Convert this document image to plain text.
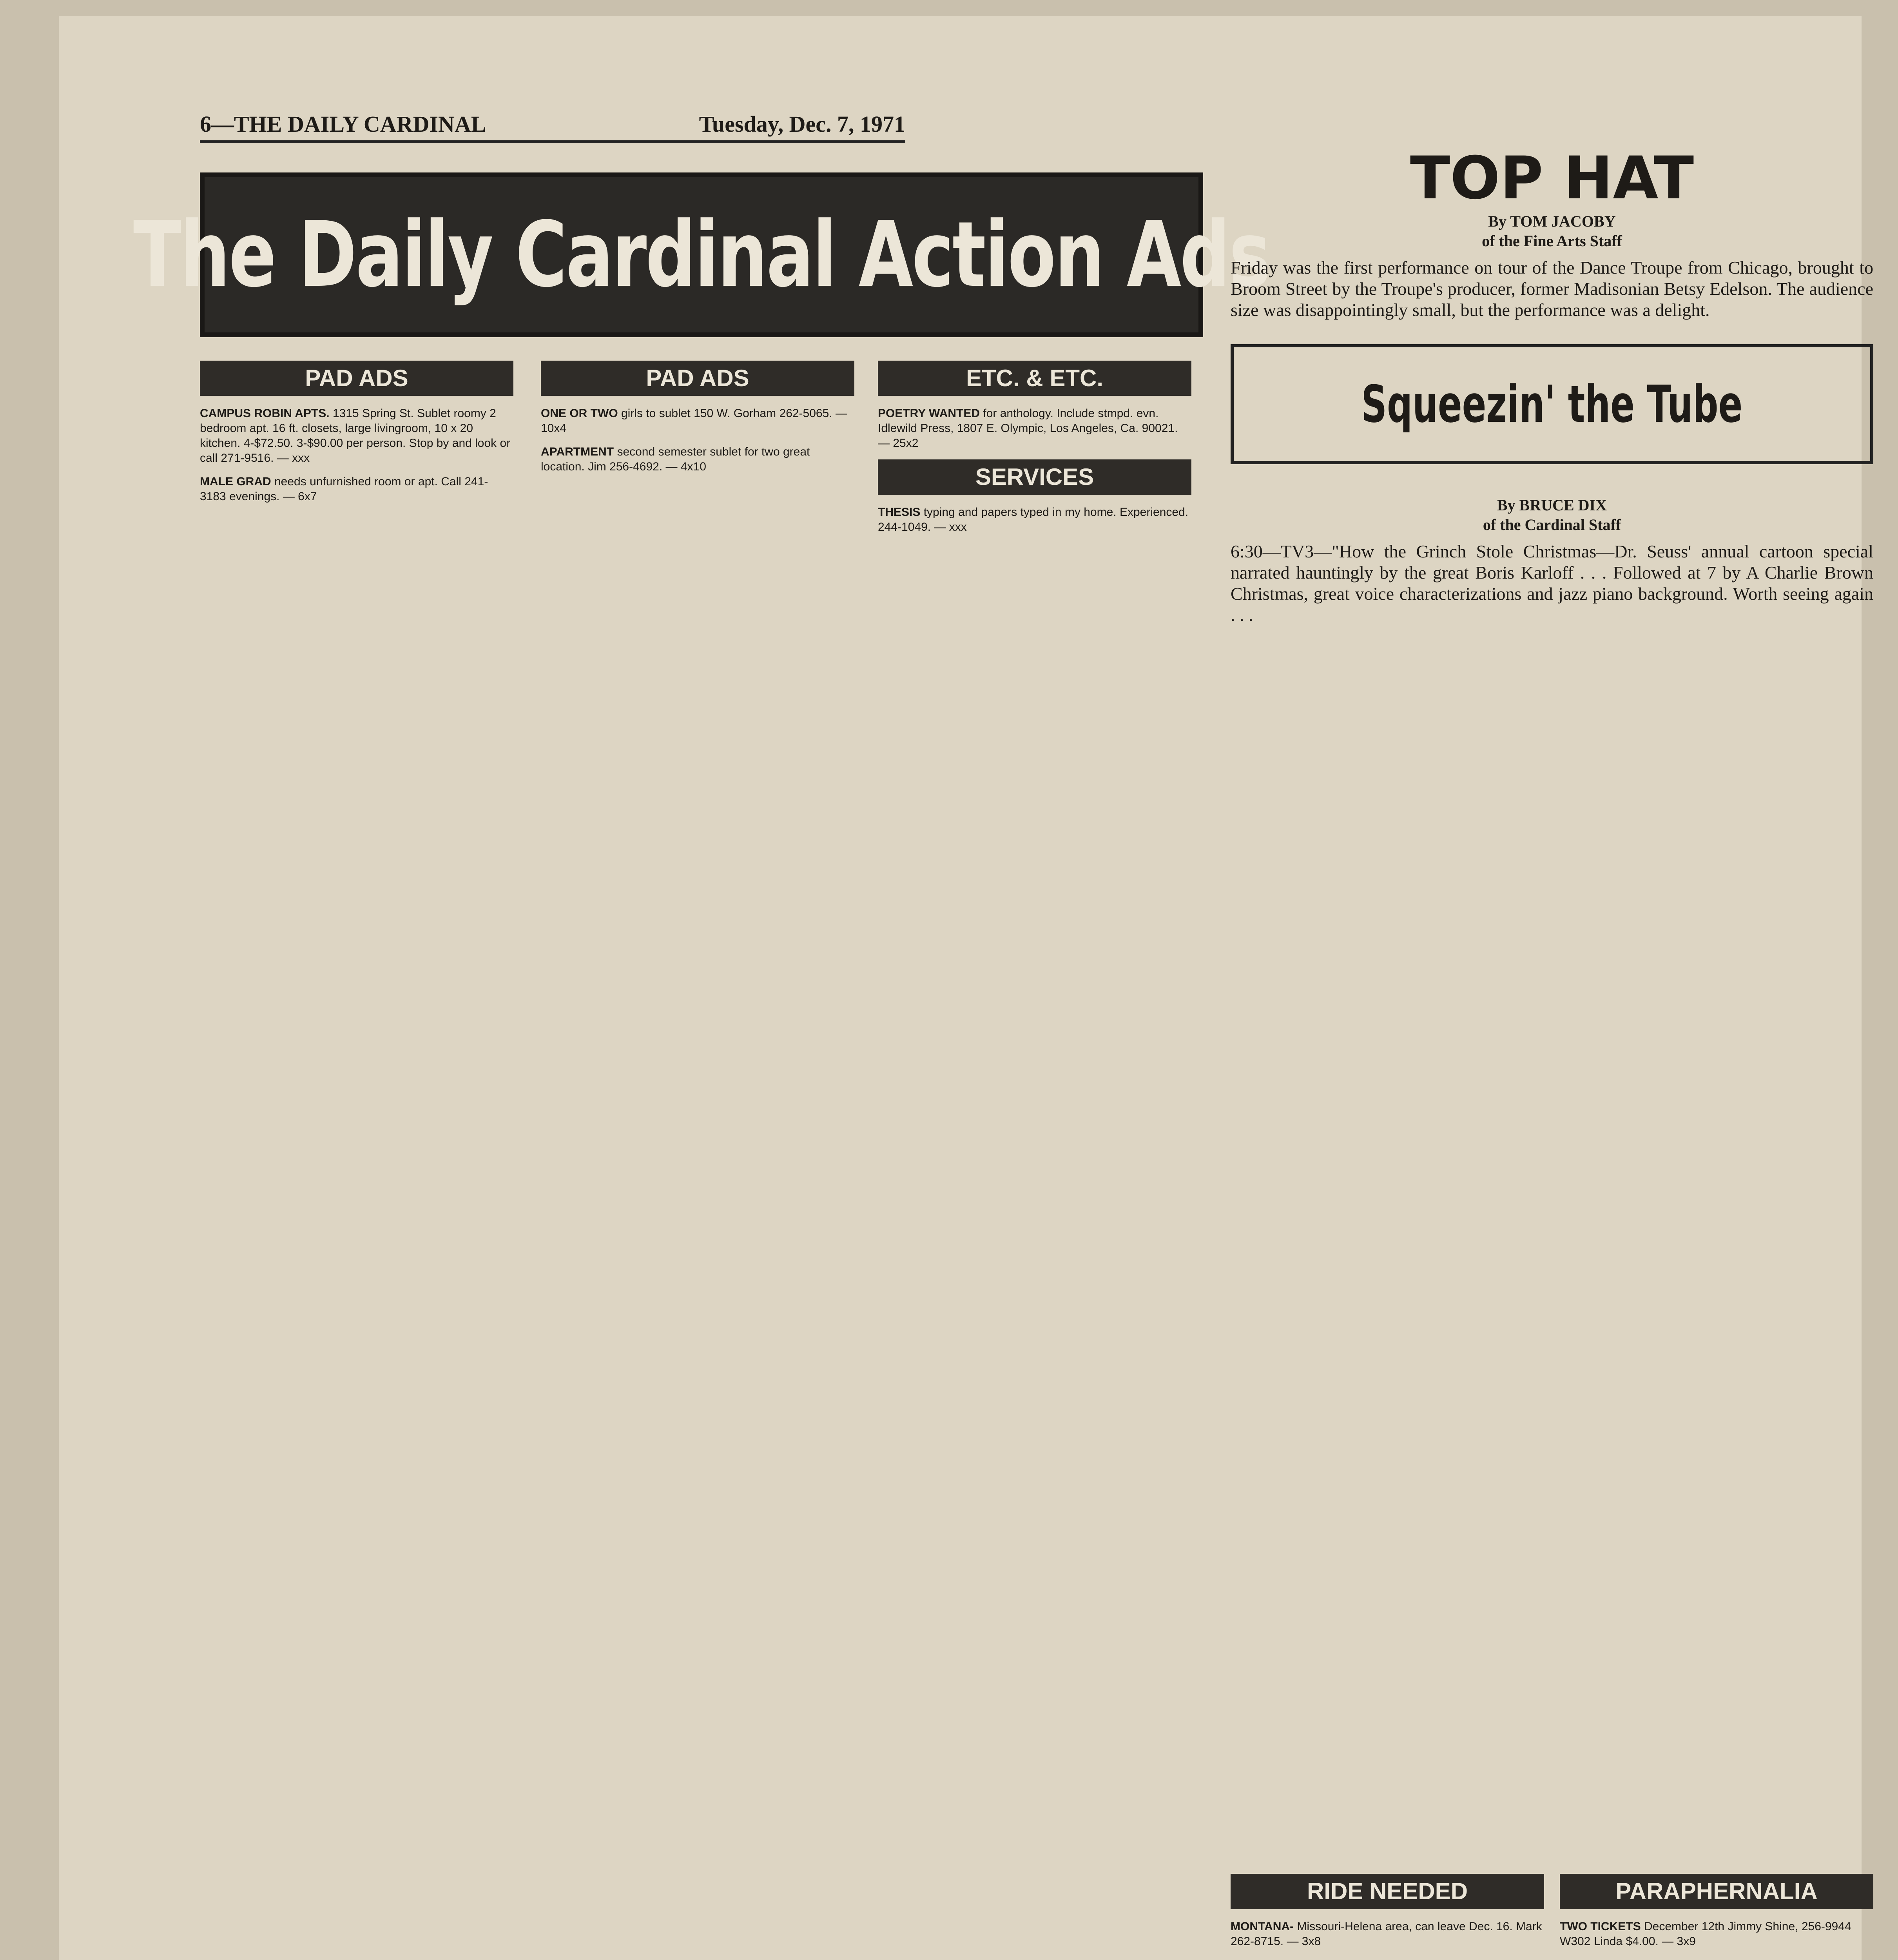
6—THE DAILY CARDINAL	Tuesday, Dec. 7, 1971
The Daily Cardinal Action Ads
PAD ADS
CAMPUS ROBIN APTS. 1315 Spring St. Sublet roomy 2 bedroom apt. 16 ft. closets, large livingroom, 10 x 20 kitchen. 4-$72.50. 3-$90.00 per person. Stop by and look or call 271-9516. — xxx
MALE GRAD needs unfurnished room or apt. Call 241-3183 evenings. — 6x7
PAD ADS
ONE OR TWO girls to sublet 150 W. Gorham 262-5065. — 10x4
APARTMENT second semester sublet for two great location. Jim 256-4692. — 4x10
ETC. & ETC.
POETRY WANTED for anthology. Include stmpd. evn. Idlewild Press, 1807 E. Olympic, Los Angeles, Ca. 90021. — 25x2
SERVICES
THESIS typing and papers typed in my home. Experienced. 244-1049. — xxx
TOP HAT
By TOM JACOBY
of the Fine Arts Staff
Friday was the first performance on tour of the Dance Troupe from Chicago, brought to Broom Street by the Troupe's producer, former Madisonian Betsy Edelson. The audience size was disappointingly small, but the performance was a delight.
Squeezin' the Tube
By BRUCE DIX
of the Cardinal Staff
6:30—TV3—"How the Grinch Stole Christmas—Dr. Seuss' annual cartoon special narrated hauntingly by the great Boris Karloff . . . Followed at 7 by A Charlie Brown Christmas, great voice characterizations and jazz piano background. Worth seeing again . . .
RIDE NEEDED
MONTANA- Missouri-Helena area, can leave Dec. 16. Mark 262-8715. — 3x8
PARAPHERNALIA
TWO TICKETS December 12th Jimmy Shine, 256-9944 W302 Linda $4.00. — 3x9
